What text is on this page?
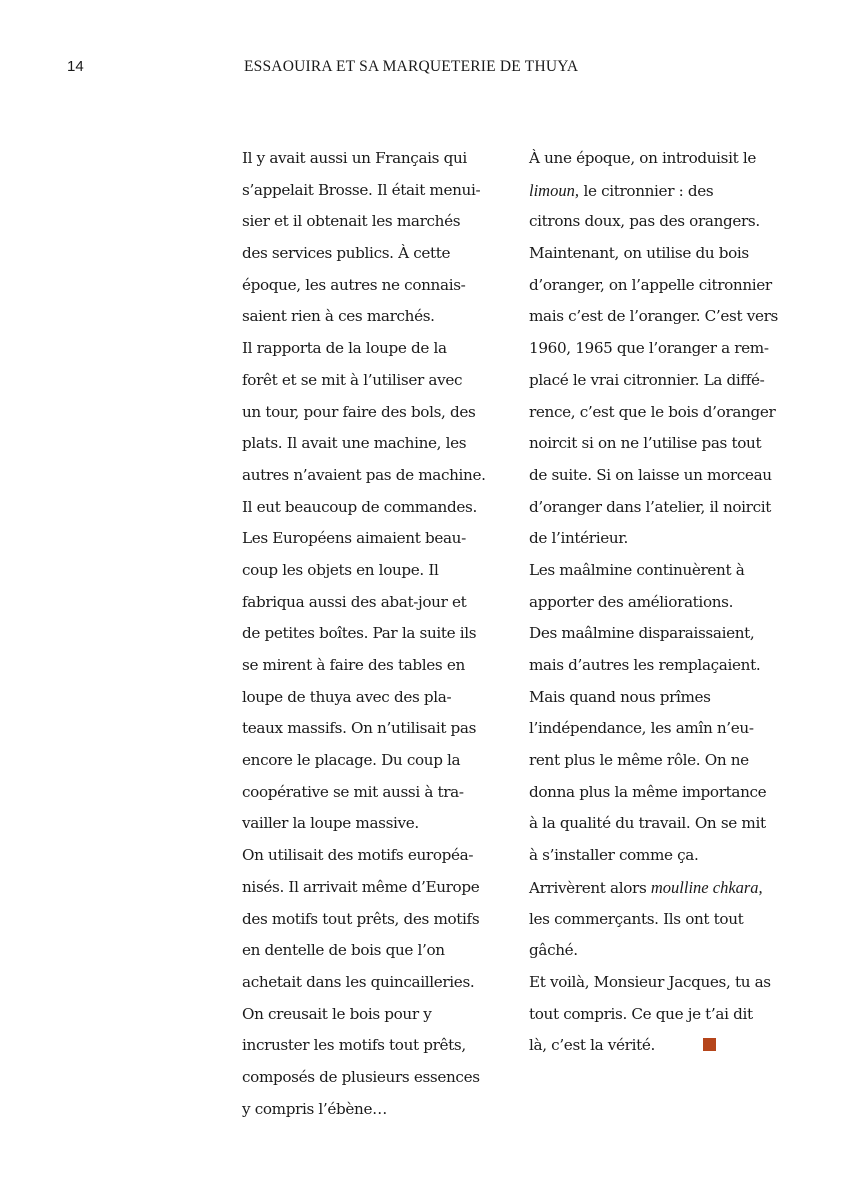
14	ESSAOUIRA ET SA MARQUETERIE DE THUYA
Il y avait aussi un Français qui
s’appelait Brosse. Il était menui-
sier et il obtenait les marchés
des services publics. À cette
époque, les autres ne connais-
saient rien à ces marchés.
Il rapporta de la loupe de la
forêt et se mit à l’utiliser avec
un tour, pour faire des bols, des
plats. Il avait une machine, les
autres n’avaient pas de machine.
Il eut beaucoup de commandes.
Les Européens aimaient beau-
coup les objets en loupe. Il
fabriqua aussi des abat-jour et
de petites boîtes. Par la suite ils
se mirent à faire des tables en
loupe de thuya avec des pla-
teaux massifs. On n’utilisait pas
encore le placage. Du coup la
coopérative se mit aussi à tra-
vailler la loupe massive.
On utilisait des motifs européa-
nisés. Il arrivait même d’Europe
des motifs tout prêts, des motifs
en dentelle de bois que l’on
achetait dans les quincailleries.
On creusait le bois pour y
incruster les motifs tout prêts,
composés de plusieurs essences
y compris l’ébène…
À une époque, on introduisit le
limoun, le citronnier : des
citrons doux, pas des orangers.
Maintenant, on utilise du bois
d’oranger, on l’appelle citronnier
mais c’est de l’oranger. C’est vers
1960, 1965 que l’oranger a rem-
placé le vrai citronnier. La diffé-
rence, c’est que le bois d’oranger
noircit si on ne l’utilise pas tout
de suite. Si on laisse un morceau
d’oranger dans l’atelier, il noircit
de l’intérieur.
Les maâlmine continuèrent à
apporter des améliorations.
Des maâlmine disparaissaient,
mais d’autres les remplaçaient.
Mais quand nous prîmes
l’indépendance, les amîn n’eu-
rent plus le même rôle. On ne
donna plus la même importance
à la qualité du travail. On se mit
à s’installer comme ça.
Arrivèrent alors moulline chkara,
les commerçants. Ils ont tout
gâché.
Et voilà, Monsieur Jacques, tu as
tout compris. Ce que je t’ai dit
là, c’est la vérité.
